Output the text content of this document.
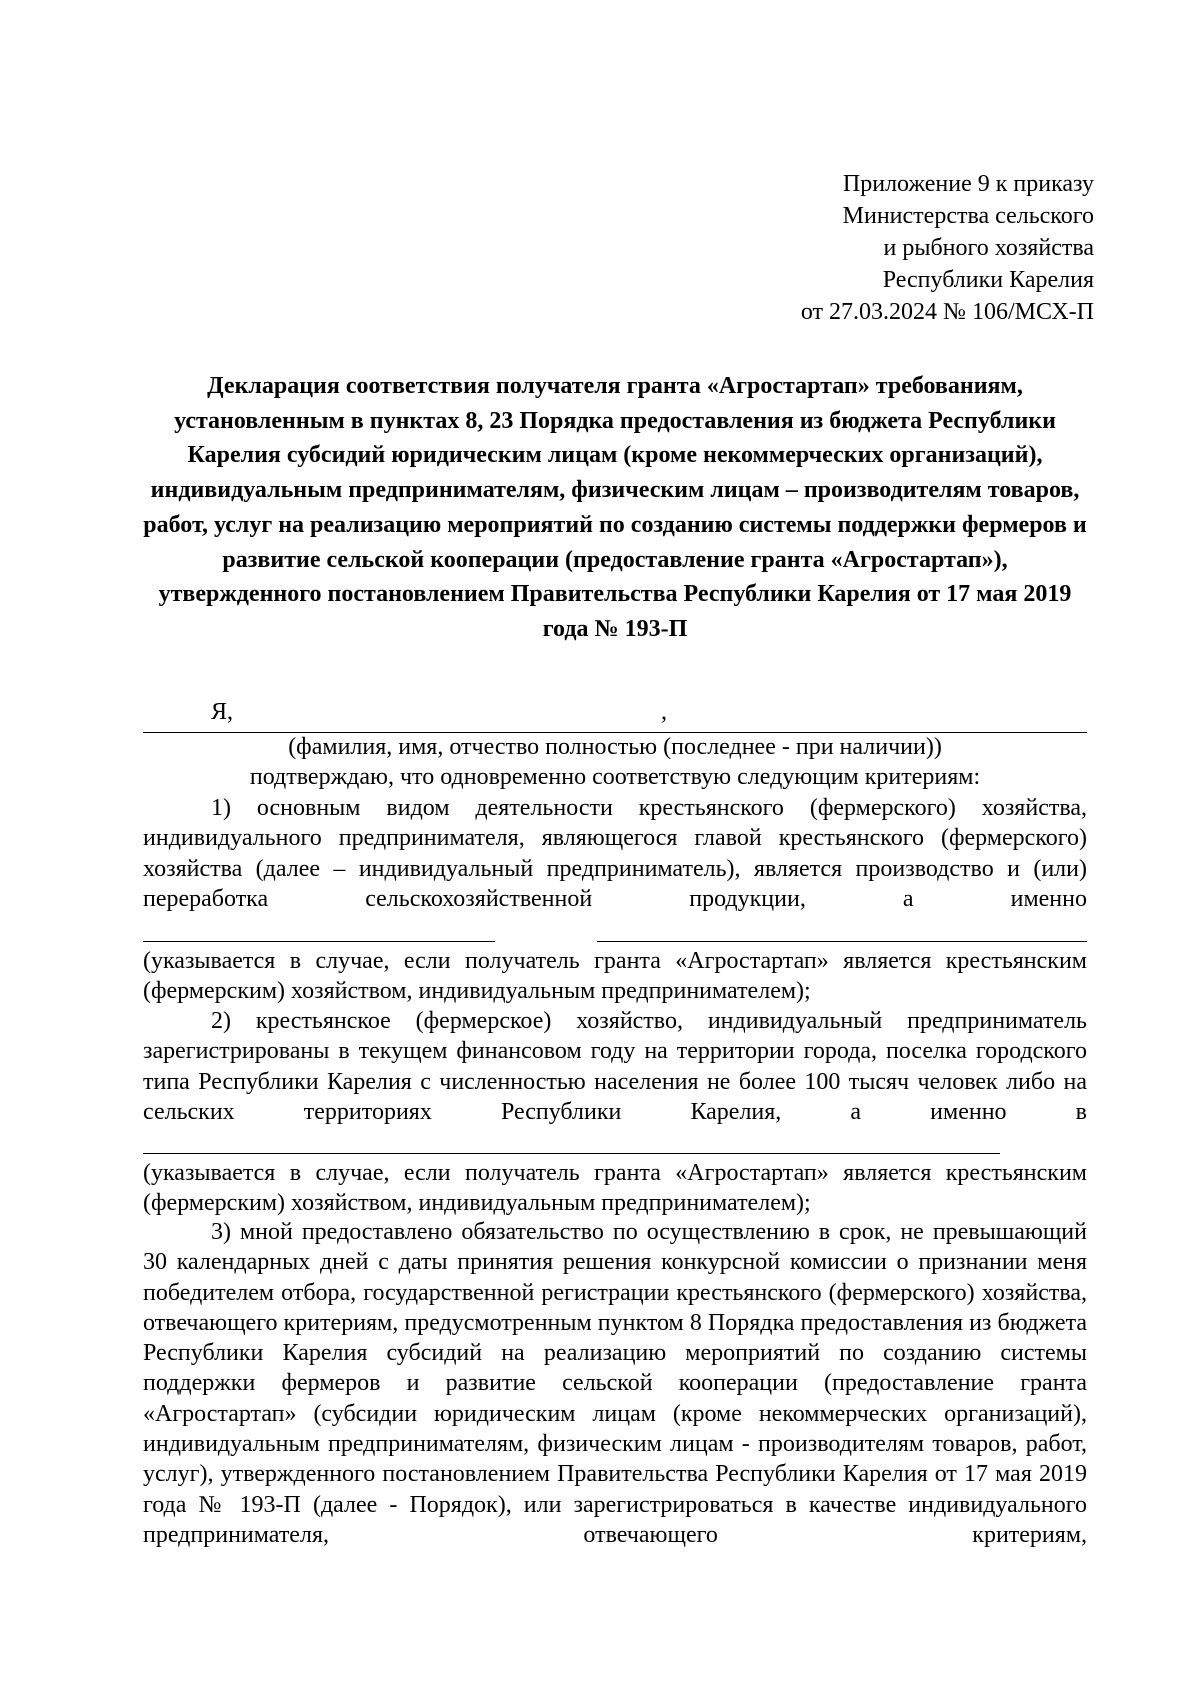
Приложение 9 к приказу
Министерства сельского
и рыбного хозяйства
Республики Карелия
от 27.03.2024 № 106/МСХ-П
Декларация соответствия получателя гранта «Агростартап» требованиям, установленным в пунктах 8, 23 Порядка предоставления из бюджета Республики Карелия субсидий юридическим лицам (кроме некоммерческих организаций), индивидуальным предпринимателям, физическим лицам – производителям товаров, работ, услуг на реализацию мероприятий по созданию системы поддержки фермеров и развитие сельской кооперации (предоставление гранта «Агростартап»), утвержденного постановлением Правительства Республики Карелия от 17 мая 2019 года № 193-П
Я,	,
(фамилия, имя, отчество полностью (последнее - при наличии))
подтверждаю, что одновременно соответствую следующим критериям:
1) основным видом деятельности крестьянского (фермерского) хозяйства, индивидуального предпринимателя, являющегося главой крестьянского (фермерского) хозяйства (далее – индивидуальный предприниматель), является производство и (или) переработка сельскохозяйственной продукции, а именно
(указывается в случае, если получатель гранта «Агростартап» является крестьянским (фермерским) хозяйством, индивидуальным предпринимателем);
2) крестьянское (фермерское) хозяйство, индивидуальный предприниматель зарегистрированы в текущем финансовом году на территории города, поселка городского типа Республики Карелия с численностью населения не более 100 тысяч человек либо на сельских территориях Республики Карелия, а именно в
(указывается в случае, если получатель гранта «Агростартап» является крестьянским (фермерским) хозяйством, индивидуальным предпринимателем);
3) мной предоставлено обязательство по осуществлению в срок, не превышающий 30 календарных дней с даты принятия решения конкурсной комиссии о признании меня победителем отбора, государственной регистрации крестьянского (фермерского) хозяйства, отвечающего критериям, предусмотренным пунктом 8 Порядка предоставления из бюджета Республики Карелия субсидий на реализацию мероприятий по созданию системы поддержки фермеров и развитие сельской кооперации (предоставление гранта «Агростартап» (субсидии юридическим лицам (кроме некоммерческих организаций), индивидуальным предпринимателям, физическим лицам - производителям товаров, работ, услуг), утвержденного постановлением Правительства Республики Карелия от 17 мая 2019 года № 193-П (далее - Порядок), или зарегистрироваться в качестве индивидуального предпринимателя, отвечающего критериям,
